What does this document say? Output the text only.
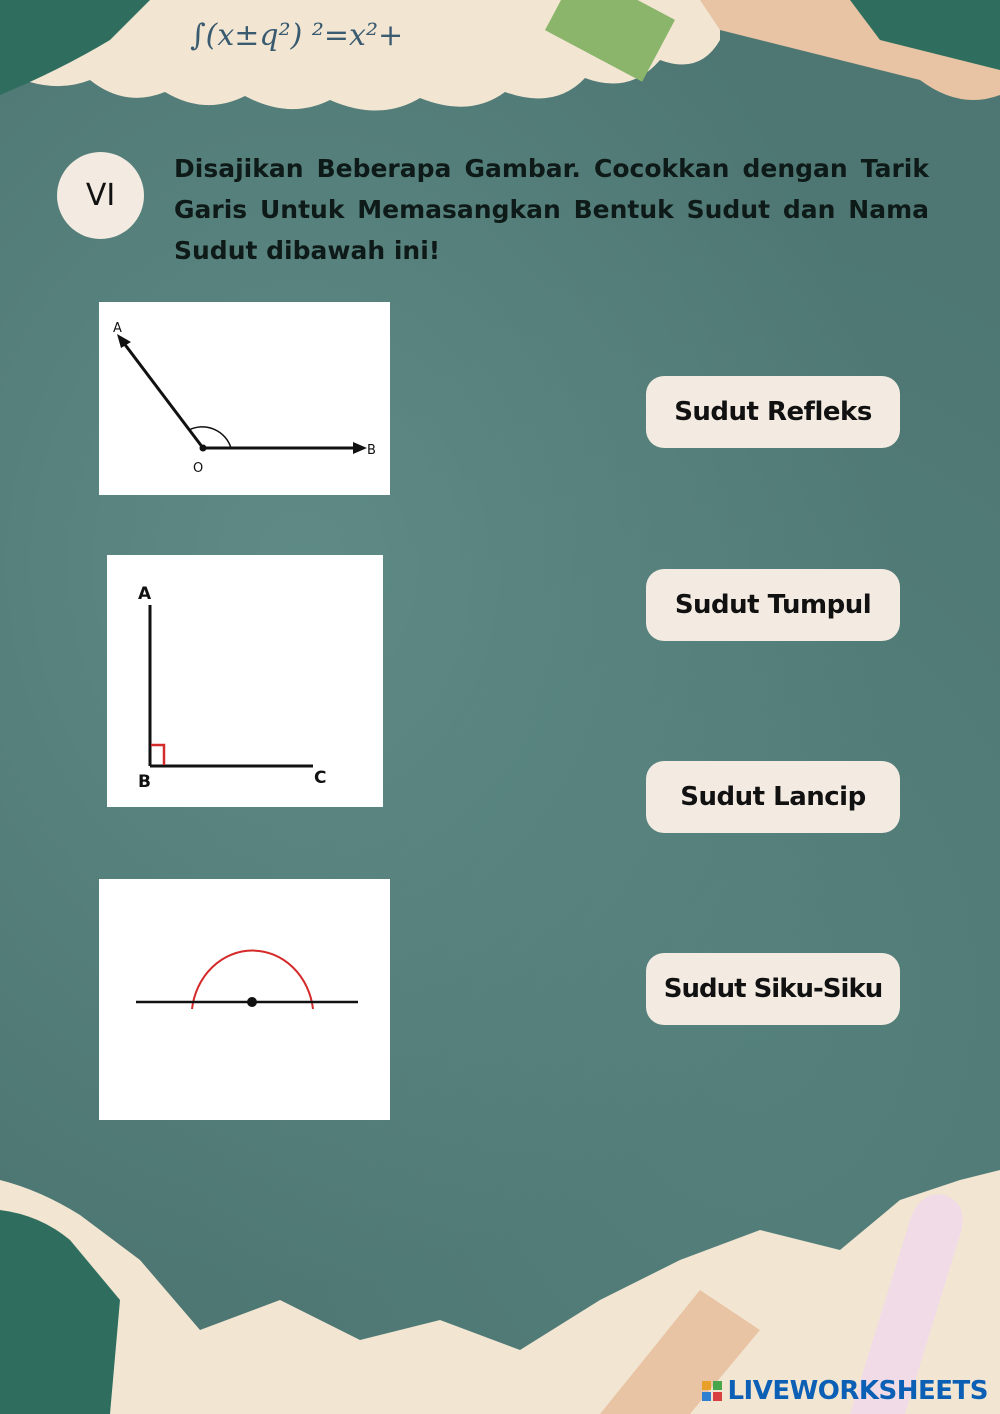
∫(x±q²) ²=x²+
VI

Disajikan Beberapa Gambar. Cocokkan dengan Tarik Garis Untuk Memasangkan Bentuk Sudut dan Nama Sudut dibawah ini!

A
O
B
A
B	C
Sudut Refleks
Sudut Tumpul
Sudut Lancip
Sudut Siku-Siku
LIVEWORKSHEETS
